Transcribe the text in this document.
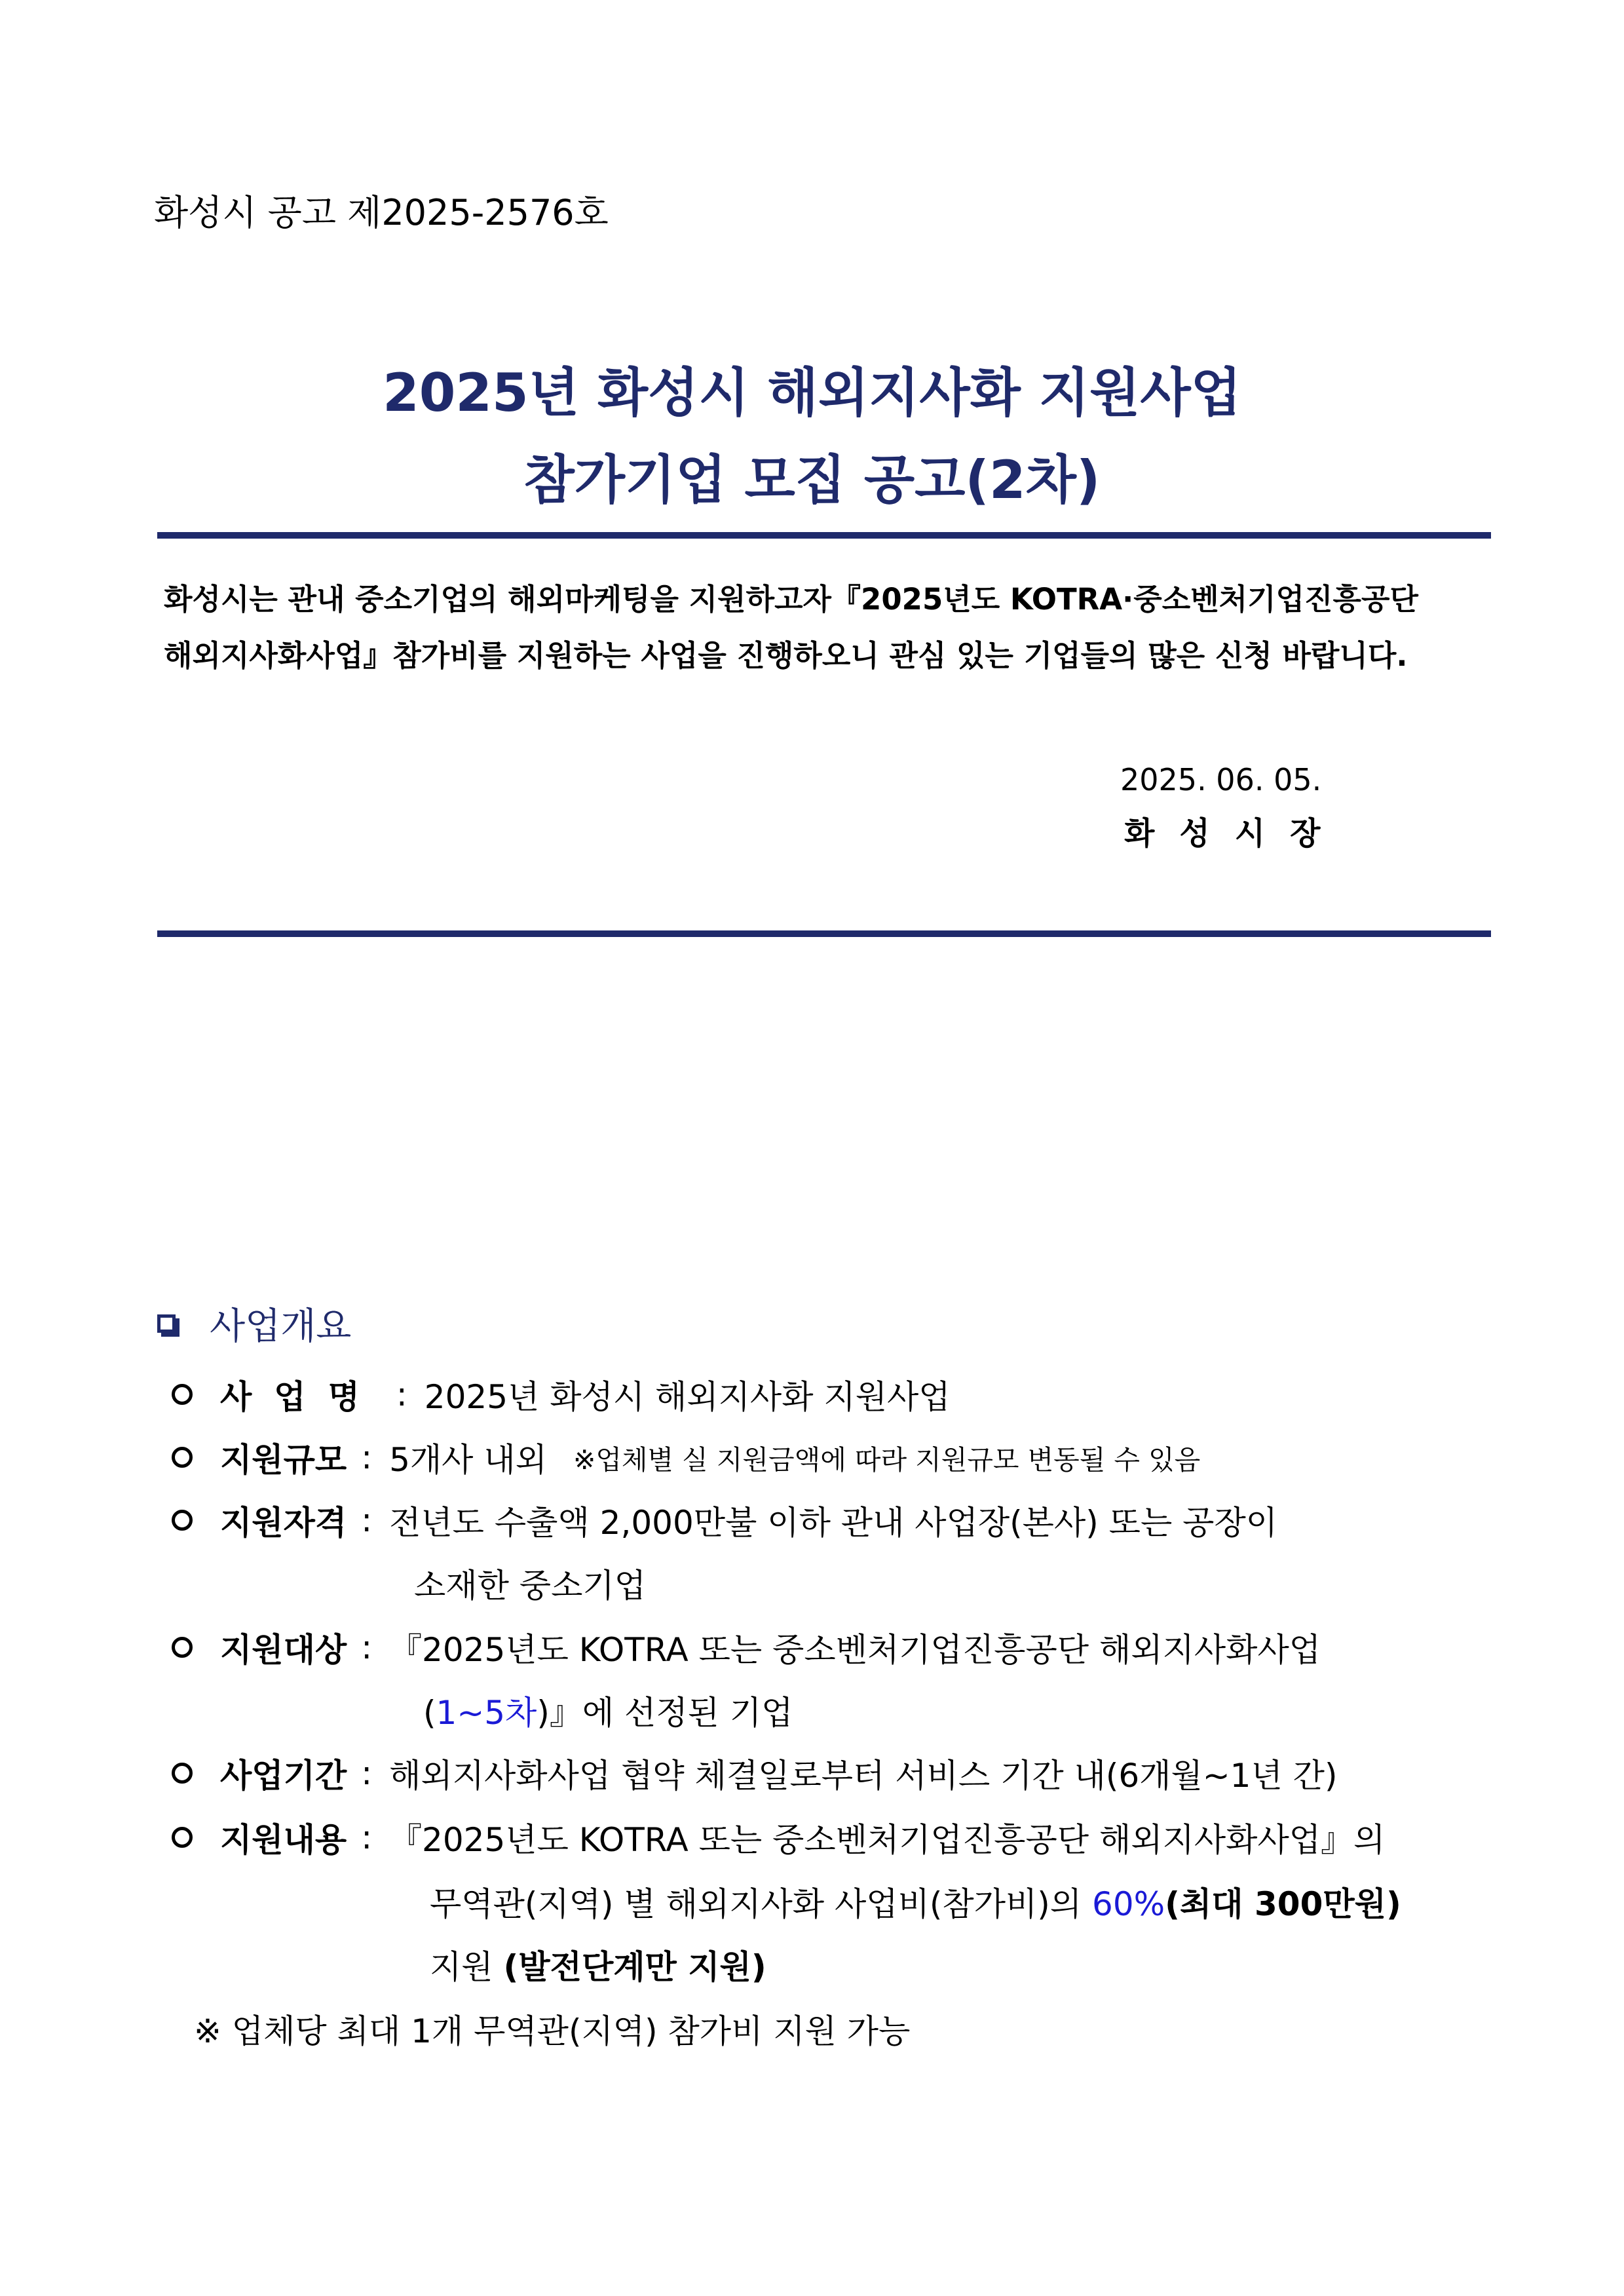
화성시 공고 제2025-2576호
2025년 화성시 해외지사화 지원사업
참가기업 모집 공고(2차)
화성시는 관내 중소기업의 해외마케팅을 지원하고자『2025년도 KOTRA·중소벤처기업진흥공단
해외지사화사업』참가비를 지원하는 사업을 진행하오니 관심 있는 기업들의 많은 신청 바랍니다.
2025. 06. 05.
화성시장
사업개요
사업명 : 2025년 화성시 해외지사화 지원사업
지원규모 : 5개사 내외 ※업체별 실 지원금액에 따라 지원규모 변동될 수 있음
지원자격 : 전년도 수출액 2,000만불 이하 관내 사업장(본사) 또는 공장이
소재한 중소기업
지원대상 : 『2025년도 KOTRA 또는 중소벤처기업진흥공단 해외지사화사업
(1~5차)』에 선정된 기업
사업기간 : 해외지사화사업 협약 체결일로부터 서비스 기간 내(6개월~1년 간)
지원내용 : 『2025년도 KOTRA 또는 중소벤처기업진흥공단 해외지사화사업』의
무역관(지역) 별 해외지사화 사업비(참가비)의 60%(최대 300만원)
지원 (발전단계만 지원)
※ 업체당 최대 1개 무역관(지역) 참가비 지원 가능
